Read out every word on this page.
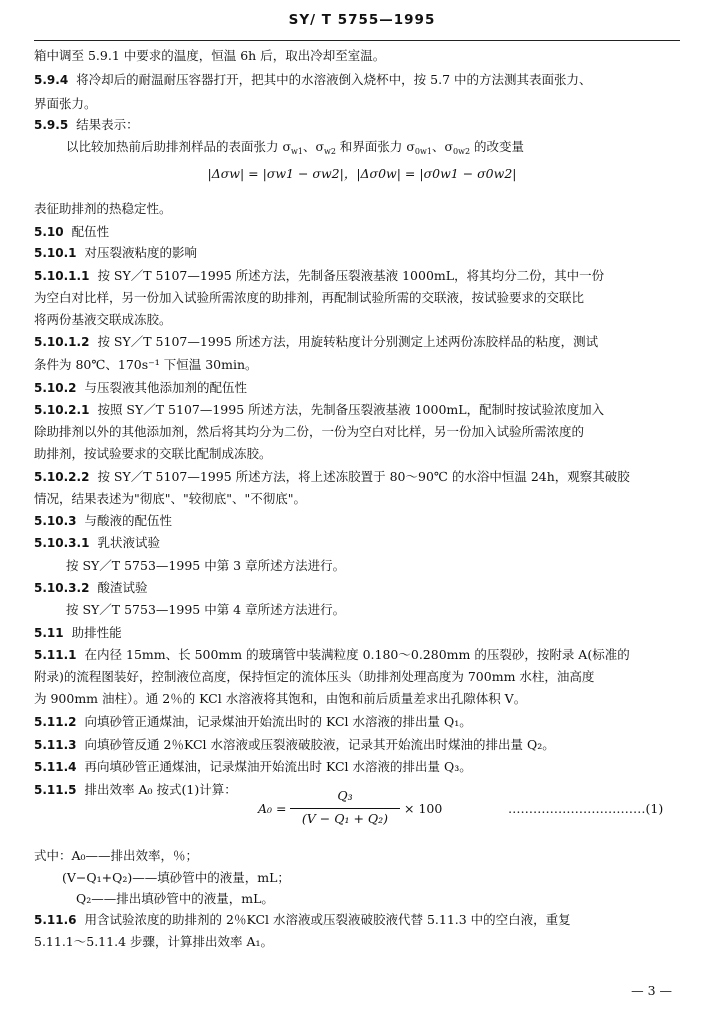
SY/ T 5755—1995
箱中调至 5.9.1 中要求的温度，恒温 6h 后，取出冷却至室温。
5.9.4 将冷却后的耐温耐压容器打开，把其中的水溶液倒入烧杯中，按 5.7 中的方法测其表面张力、
界面张力。
5.9.5 结果表示：
以比较加热前后助排剂样品的表面张力 $\sigma_{w1}$、$\sigma_{w2}$ 和界面张力 $\sigma_{0w1}$、$\sigma_{0w2}$ 的改变量
|Δσw| = |σw1 − σw2|，|Δσ0w| = |σ0w1 − σ0w2|
表征助排剂的热稳定性。
5.10 配伍性
5.10.1 对压裂液粘度的影响
5.10.1.1 按 SY／T 5107—1995 所述方法，先制备压裂液基液 1000mL，将其均分二份，其中一份
为空白对比样，另一份加入试验所需浓度的助排剂，再配制试验所需的交联液，按试验要求的交联比
将两份基液交联成冻胶。
5.10.1.2 按 SY／T 5107—1995 所述方法，用旋转粘度计分别测定上述两份冻胶样品的粘度，测试
条件为 80℃、170s⁻¹ 下恒温 30min。
5.10.2 与压裂液其他添加剂的配伍性
5.10.2.1 按照 SY／T 5107—1995 所述方法，先制备压裂液基液 1000mL，配制时按试验浓度加入
除助排剂以外的其他添加剂，然后将其均分为二份，一份为空白对比样，另一份加入试验所需浓度的
助排剂，按试验要求的交联比配制成冻胶。
5.10.2.2 按 SY／T 5107—1995 所述方法，将上述冻胶置于 80～90℃ 的水浴中恒温 24h，观察其破胶
情况，结果表述为"彻底"、"较彻底"、"不彻底"。
5.10.3 与酸液的配伍性
5.10.3.1 乳状液试验
按 SY／T 5753—1995 中第 3 章所述方法进行。
5.10.3.2 酸渣试验
按 SY／T 5753—1995 中第 4 章所述方法进行。
5.11 助排性能
5.11.1 在内径 15mm、长 500mm 的玻璃管中装满粒度 0.180～0.280mm 的压裂砂，按附录 A(标准的
附录)的流程图装好，控制液位高度，保持恒定的流体压头（助排剂处理高度为 700mm 水柱，油高度
为 900mm 油柱）。通 2％的 KCl 水溶液将其饱和，由饱和前后质量差求出孔隙体积 V。
5.11.2 向填砂管正通煤油，记录煤油开始流出时的 KCl 水溶液的排出量 Q₁。
5.11.3 向填砂管反通 2％KCl 水溶液或压裂液破胶液，记录其开始流出时煤油的排出量 Q₂。
5.11.4 再向填砂管正通煤油，记录煤油开始流出时 KCl 水溶液的排出量 Q₃。
5.11.5 排出效率 A₀ 按式(1)计算：
A₀ =
Q₃
(V − Q₁ + Q₂)
× 100	……………………………(1)
式中：A₀——排出效率，％；
(V−Q₁+Q₂)——填砂管中的液量，mL；
Q₂——排出填砂管中的液量，mL。
5.11.6 用含试验浓度的助排剂的 2％KCl 水溶液或压裂液破胶液代替 5.11.3 中的空白液，重复
5.11.1～5.11.4 步骤，计算排出效率 A₁。
— 3 —
